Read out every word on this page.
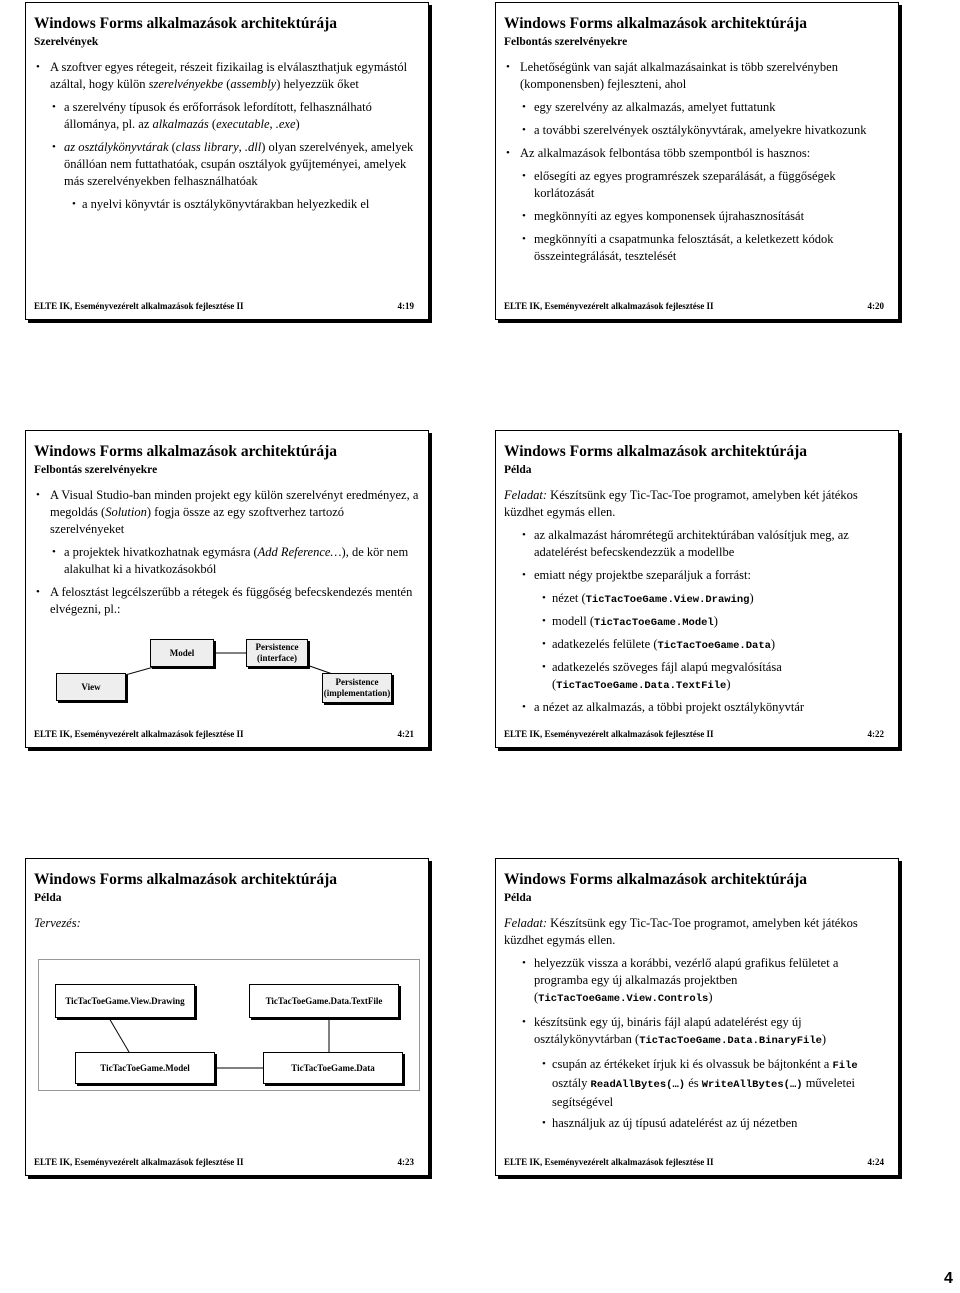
Windows Forms alkalmazások architektúrája
Szerelvények
• A szoftver egyes rétegeit, részeit fizikailag is elválaszthatjuk egymástól azáltal, hogy külön szerelvényekbe (assembly) helyezzük őket
• a szerelvény típusok és erőforrások lefordított, felhasználható állománya, pl. az alkalmazás (executable, .exe)
• az osztálykönyvtárak (class library, .dll) olyan szerelvények, amelyek önállóan nem futtathatóak, csupán osztályok gyűjteményei, amelyek más szerelvényekben felhasználhatóak
• a nyelvi könyvtár is osztálykönyvtárakban helyezkedik el
ELTE IK, Eseményvezérelt alkalmazások fejlesztése II	4:19
Windows Forms alkalmazások architektúrája
Felbontás szerelvényekre
• Lehetőségünk van saját alkalmazásainkat is több szerelvényben (komponensben) fejleszteni, ahol
• egy szerelvény az alkalmazás, amelyet futtatunk
• a további szerelvények osztálykönyvtárak, amelyekre hivatkozunk
• Az alkalmazások felbontása több szempontból is hasznos:
• elősegíti az egyes programrészek szeparálását, a függőségek korlátozását
• megkönnyíti az egyes komponensek újrahasznosítását
• megkönnyíti a csapatmunka felosztását, a keletkezett kódok összeintegrálását, tesztelését
ELTE IK, Eseményvezérelt alkalmazások fejlesztése II	4:20
Windows Forms alkalmazások architektúrája
Felbontás szerelvényekre
• A Visual Studio-ban minden projekt egy külön szerelvényt eredményez, a megoldás (Solution) fogja össze az egy szoftverhez tartozó szerelvényeket
• a projektek hivatkozhatnak egymásra (Add Reference…), de kör nem alakulhat ki a hivatkozásokból
• A felosztást legcélszerűbb a rétegek és függőség befecskendezés mentén elvégezni, pl.:
View
Model
Persistence (interface)
Persistence (implementation)
ELTE IK, Eseményvezérelt alkalmazások fejlesztése II	4:21
Windows Forms alkalmazások architektúrája
Példa
Feladat: Készítsünk egy Tic-Tac-Toe programot, amelyben két játékos küzdhet egymás ellen.
• az alkalmazást háromrétegű architektúrában valósítjuk meg, az adatelérést befecskendezzük a modellbe
• emiatt négy projektbe szeparáljuk a forrást:
• nézet (TicTacToeGame.View.Drawing)
• modell (TicTacToeGame.Model)
• adatkezelés felülete (TicTacToeGame.Data)
• adatkezelés szöveges fájl alapú megvalósítása (TicTacToeGame.Data.TextFile)
• a nézet az alkalmazás, a többi projekt osztálykönyvtár
ELTE IK, Eseményvezérelt alkalmazások fejlesztése II	4:22
Windows Forms alkalmazások architektúrája
Példa
Tervezés:
TicTacToeGame.View.Drawing	TicTacToeGame.Data.TextFile
TicTacToeGame.Model	TicTacToeGame.Data
ELTE IK, Eseményvezérelt alkalmazások fejlesztése II	4:23
Windows Forms alkalmazások architektúrája
Példa
Feladat: Készítsünk egy Tic-Tac-Toe programot, amelyben két játékos küzdhet egymás ellen.
• helyezzük vissza a korábbi, vezérlő alapú grafikus felületet a programba egy új alkalmazás projektben (TicTacToeGame.View.Controls)
• készítsünk egy új, bináris fájl alapú adatelérést egy új osztálykönyvtárban (TicTacToeGame.Data.BinaryFile)
• csupán az értékeket írjuk ki és olvassuk be bájtonként a File osztály ReadAllBytes(…) és WriteAllBytes(…) műveletei segítségével
• használjuk az új típusú adatelérést az új nézetben
ELTE IK, Eseményvezérelt alkalmazások fejlesztése II	4:24
4
